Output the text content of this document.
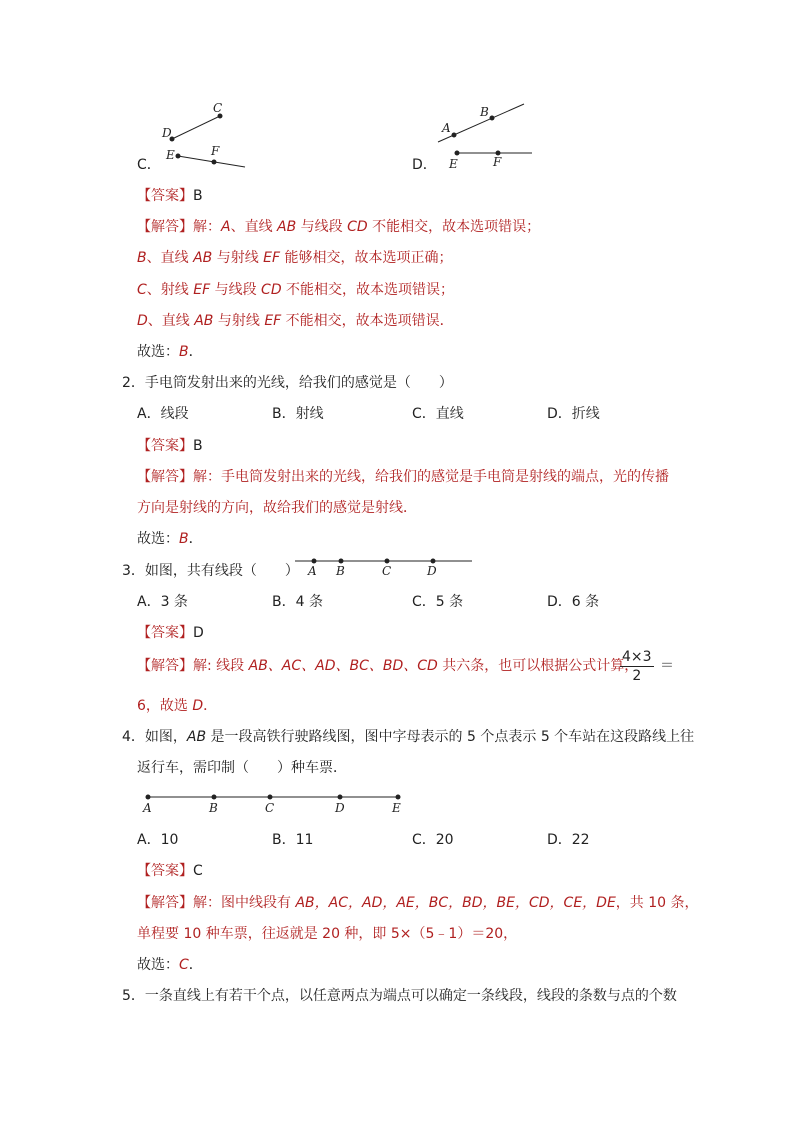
C
D
E	F
C．
A
B
E	F
D．
【答案】B
【解答】解：A、直线 AB 与线段 CD 不能相交，故本选项错误；
B、直线 AB 与射线 EF 能够相交，故本选项正确；
C、射线 EF 与线段 CD 不能相交，故本选项错误；
D、直线 AB 与射线 EF 不能相交，故本选项错误．
故选：B．
2．手电筒发射出来的光线，给我们的感觉是（　　）
A．线段	B．射线	C．直线	D．折线
【答案】B
【解答】解：手电筒发射出来的光线，给我们的感觉是手电筒是射线的端点，光的传播
方向是射线的方向，故给我们的感觉是射线．
故选：B．
3．如图，共有线段（　　） A B	C	D
A．3 条	B．4 条	C．5 条	D．6 条
【答案】D
【解答】解: 线段 AB、AC、AD、BC、BD、CD 共六条，也可以根据公式计算，
$\frac{4\times 3}{2}$ ＝
6，故选 D．
4．如图，AB 是一段高铁行驶路线图，图中字母表示的 5 个点表示 5 个车站在这段路线上往
返行车，需印制（　　）种车票．
A	B	C	D	E
A．10	B．11	C．20	D．22
【答案】C
【解答】解：图中线段有 AB，AC，AD，AE，BC，BD，BE，CD，CE，DE，共 10 条，
单程要 10 种车票，往返就是 20 种，即 5×（5﹣1）＝20，
故选：C．
5．一条直线上有若干个点，以任意两点为端点可以确定一条线段，线段的条数与点的个数
